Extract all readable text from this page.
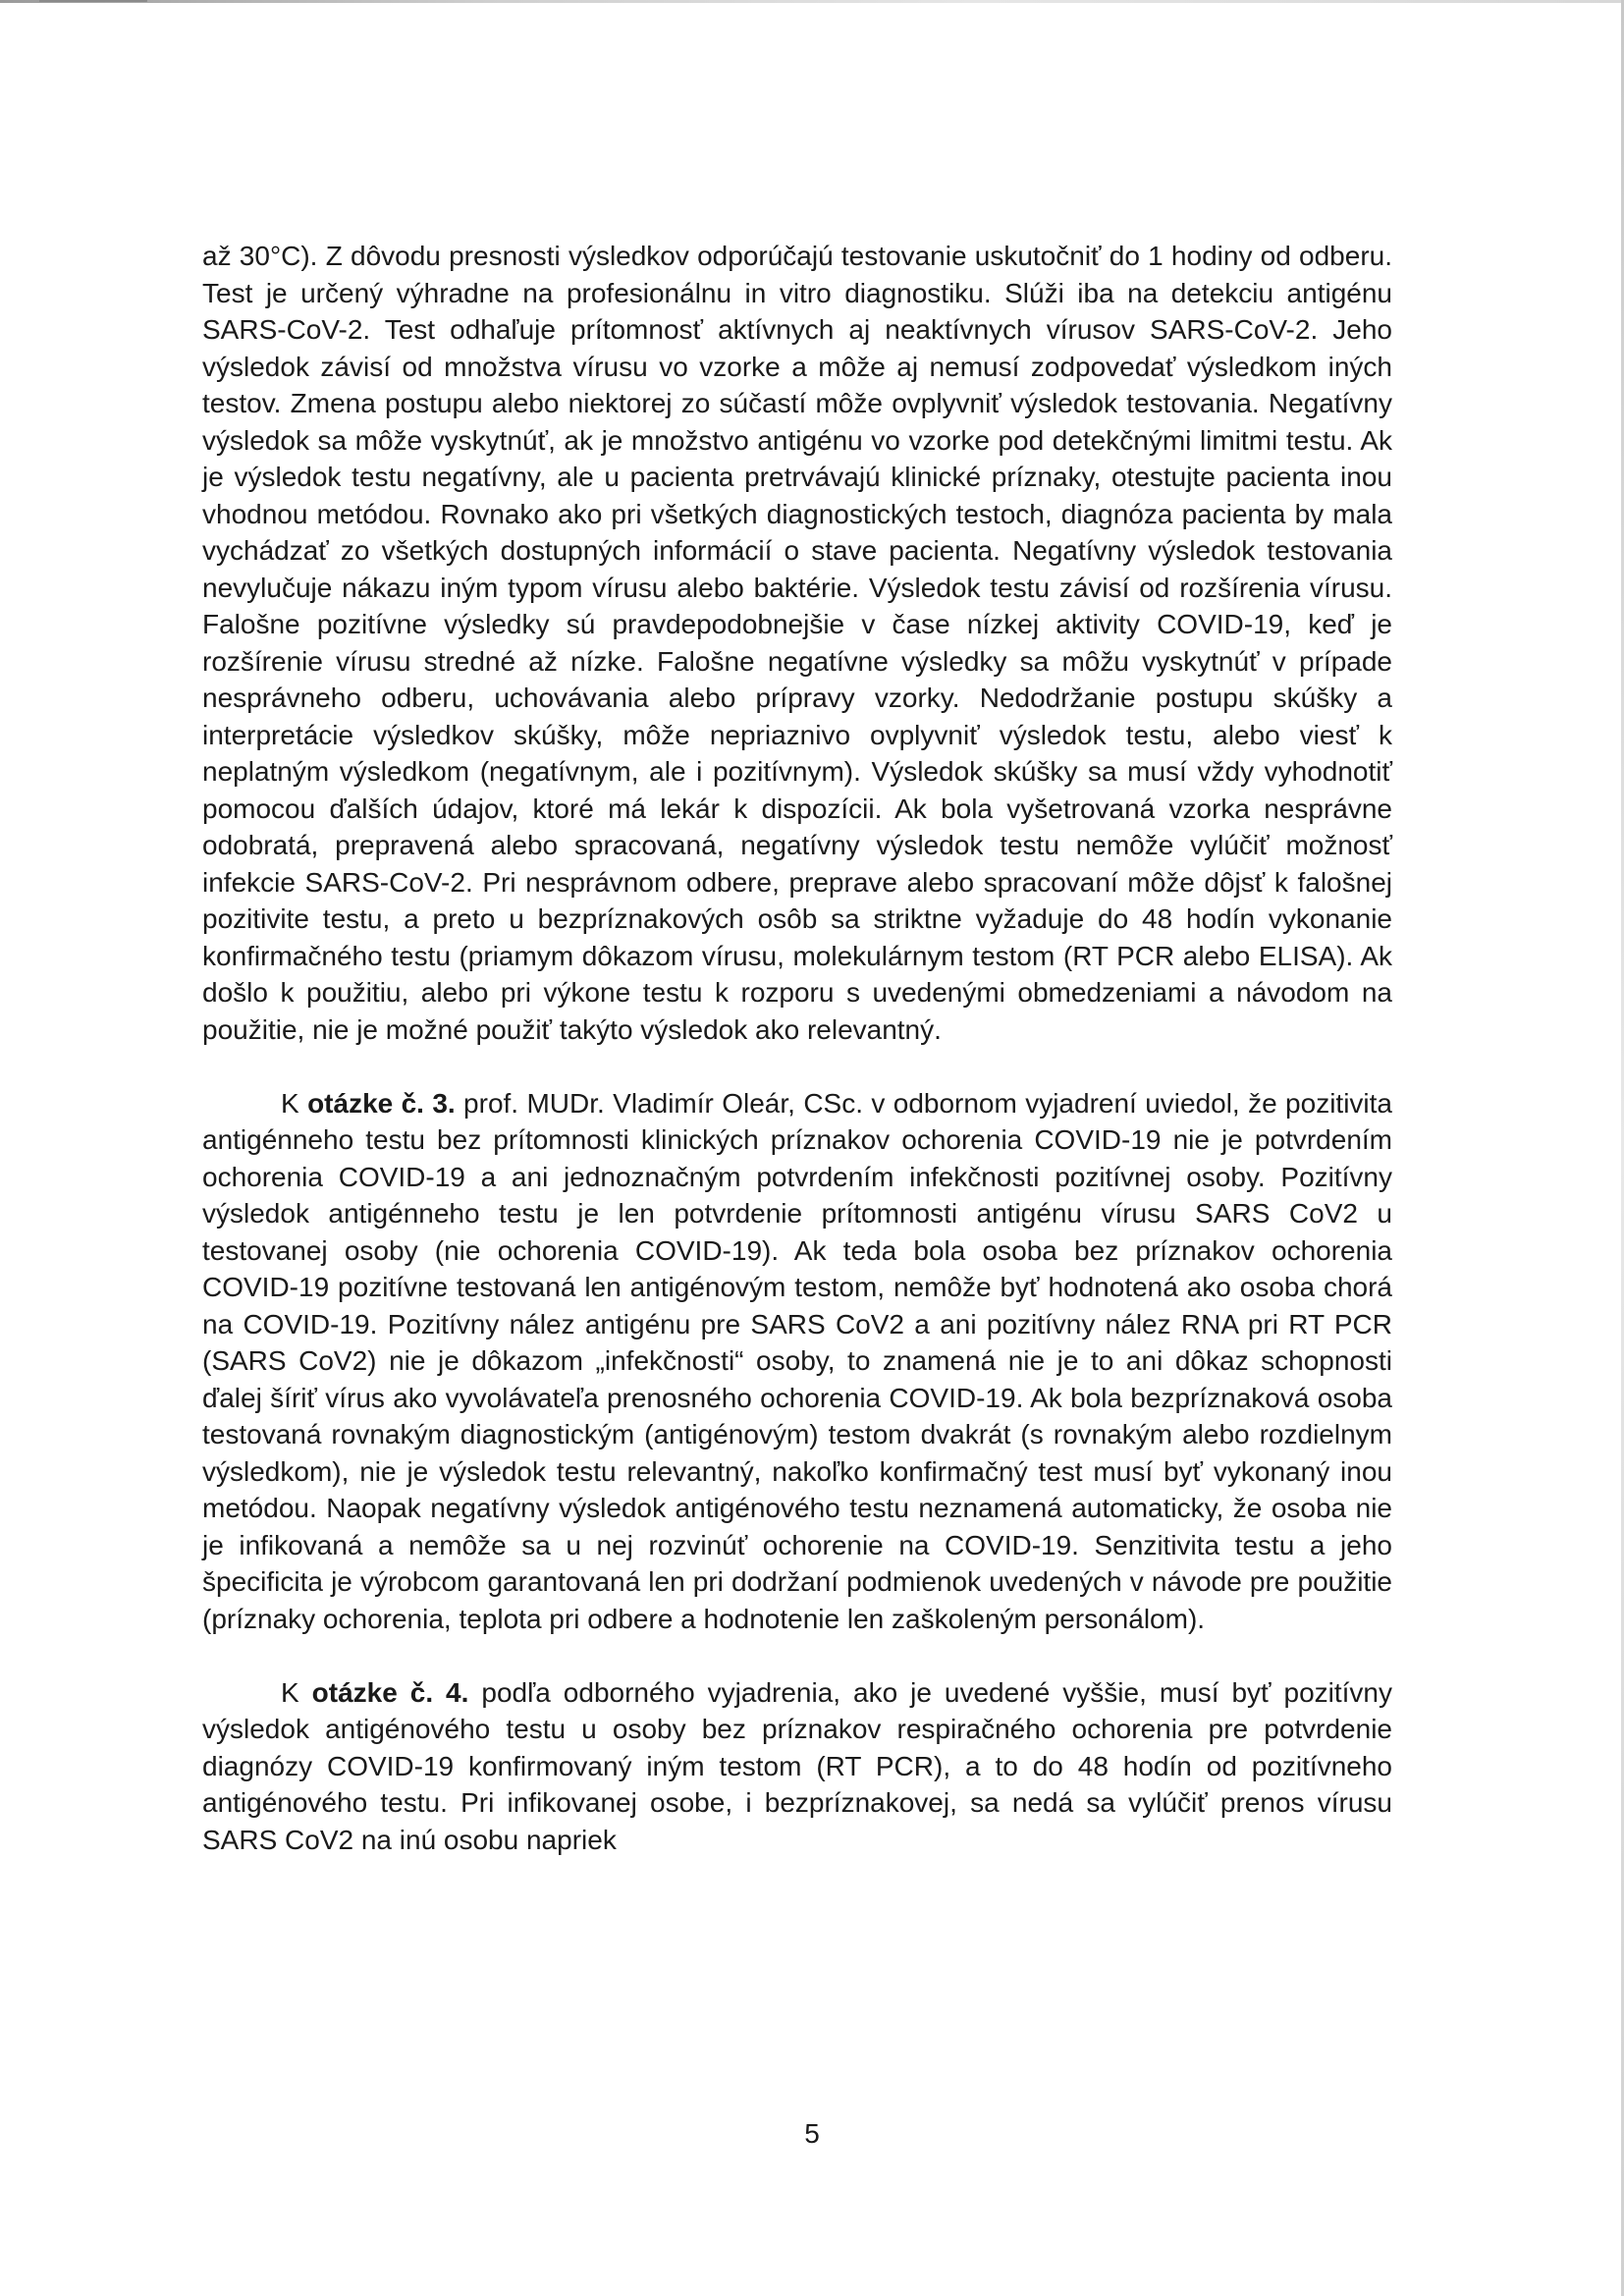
až 30°C). Z dôvodu presnosti výsledkov odporúčajú testovanie uskutočniť do 1 hodiny od odberu. Test je určený výhradne na profesionálnu in vitro diagnostiku. Slúži iba na detekciu antigénu SARS-CoV-2. Test odhaľuje prítomnosť aktívnych aj neaktívnych vírusov SARS-CoV-2. Jeho výsledok závisí od množstva vírusu vo vzorke a môže aj nemusí zodpovedať výsledkom iných testov. Zmena postupu alebo niektorej zo súčastí môže ovplyvniť výsledok testovania. Negatívny výsledok sa môže vyskytnúť, ak je množstvo antigénu vo vzorke pod detekčnými limitmi testu. Ak je výsledok testu negatívny, ale u pacienta pretrvávajú klinické príznaky, otestujte pacienta inou vhodnou metódou. Rovnako ako pri všetkých diagnostických testoch, diagnóza pacienta by mala vychádzať zo všetkých dostupných informácií o stave pacienta. Negatívny výsledok testovania nevylučuje nákazu iným typom vírusu alebo baktérie. Výsledok testu závisí od rozšírenia vírusu. Falošne pozitívne výsledky sú pravdepodobnejšie v čase nízkej aktivity COVID-19, keď je rozšírenie vírusu stredné až nízke. Falošne negatívne výsledky sa môžu vyskytnúť v prípade nesprávneho odberu, uchovávania alebo prípravy vzorky. Nedodržanie postupu skúšky a interpretácie výsledkov skúšky, môže nepriaznivo ovplyvniť výsledok testu, alebo viesť k neplatným výsledkom (negatívnym, ale i pozitívnym). Výsledok skúšky sa musí vždy vyhodnotiť pomocou ďalších údajov, ktoré má lekár k dispozícii. Ak bola vyšetrovaná vzorka nesprávne odobratá, prepravená alebo spracovaná, negatívny výsledok testu nemôže vylúčiť možnosť infekcie SARS-CoV-2. Pri nesprávnom odbere, preprave alebo spracovaní môže dôjsť k falošnej pozitivite testu, a preto u bezpríznakových osôb sa striktne vyžaduje do 48 hodín vykonanie konfirmačného testu (priamym dôkazom vírusu, molekulárnym testom (RT PCR alebo ELISA). Ak došlo k použitiu, alebo pri výkone testu k rozporu s uvedenými obmedzeniami a návodom na použitie, nie je možné použiť takýto výsledok ako relevantný.

K otázke č. 3. prof. MUDr. Vladimír Oleár, CSc. v odbornom vyjadrení uviedol, že pozitivita antigénneho testu bez prítomnosti klinických príznakov ochorenia COVID-19 nie je potvrdením ochorenia COVID-19 a ani jednoznačným potvrdením infekčnosti pozitívnej osoby. Pozitívny výsledok antigénneho testu je len potvrdenie prítomnosti antigénu vírusu SARS CoV2 u testovanej osoby (nie ochorenia COVID-19). Ak teda bola osoba bez príznakov ochorenia COVID-19 pozitívne testovaná len antigénovým testom, nemôže byť hodnotená ako osoba chorá na COVID-19. Pozitívny nález antigénu pre SARS CoV2 a ani pozitívny nález RNA pri RT PCR (SARS CoV2) nie je dôkazom „infekčnosti“ osoby, to znamená nie je to ani dôkaz schopnosti ďalej šíriť vírus ako vyvolávateľa prenosného ochorenia COVID-19. Ak bola bezpríznaková osoba testovaná rovnakým diagnostickým (antigénovým) testom dvakrát (s rovnakým alebo rozdielnym výsledkom), nie je výsledok testu relevantný, nakoľko konfirmačný test musí byť vykonaný inou metódou. Naopak negatívny výsledok antigénového testu neznamená automaticky, že osoba nie je infikovaná a nemôže sa u nej rozvinúť ochorenie na COVID-19. Senzitivita testu a jeho špecificita je výrobcom garantovaná len pri dodržaní podmienok uvedených v návode pre použitie (príznaky ochorenia, teplota pri odbere a hodnotenie len zaškoleným personálom).

K otázke č. 4. podľa odborného vyjadrenia, ako je uvedené vyššie, musí byť pozitívny výsledok antigénového testu u osoby bez príznakov respiračného ochorenia pre potvrdenie diagnózy COVID-19 konfirmovaný iným testom (RT PCR), a to do 48 hodín od pozitívneho antigénového testu. Pri infikovanej osobe, i bezpríznakovej, sa nedá sa vylúčiť prenos vírusu SARS CoV2 na inú osobu napriek

5
